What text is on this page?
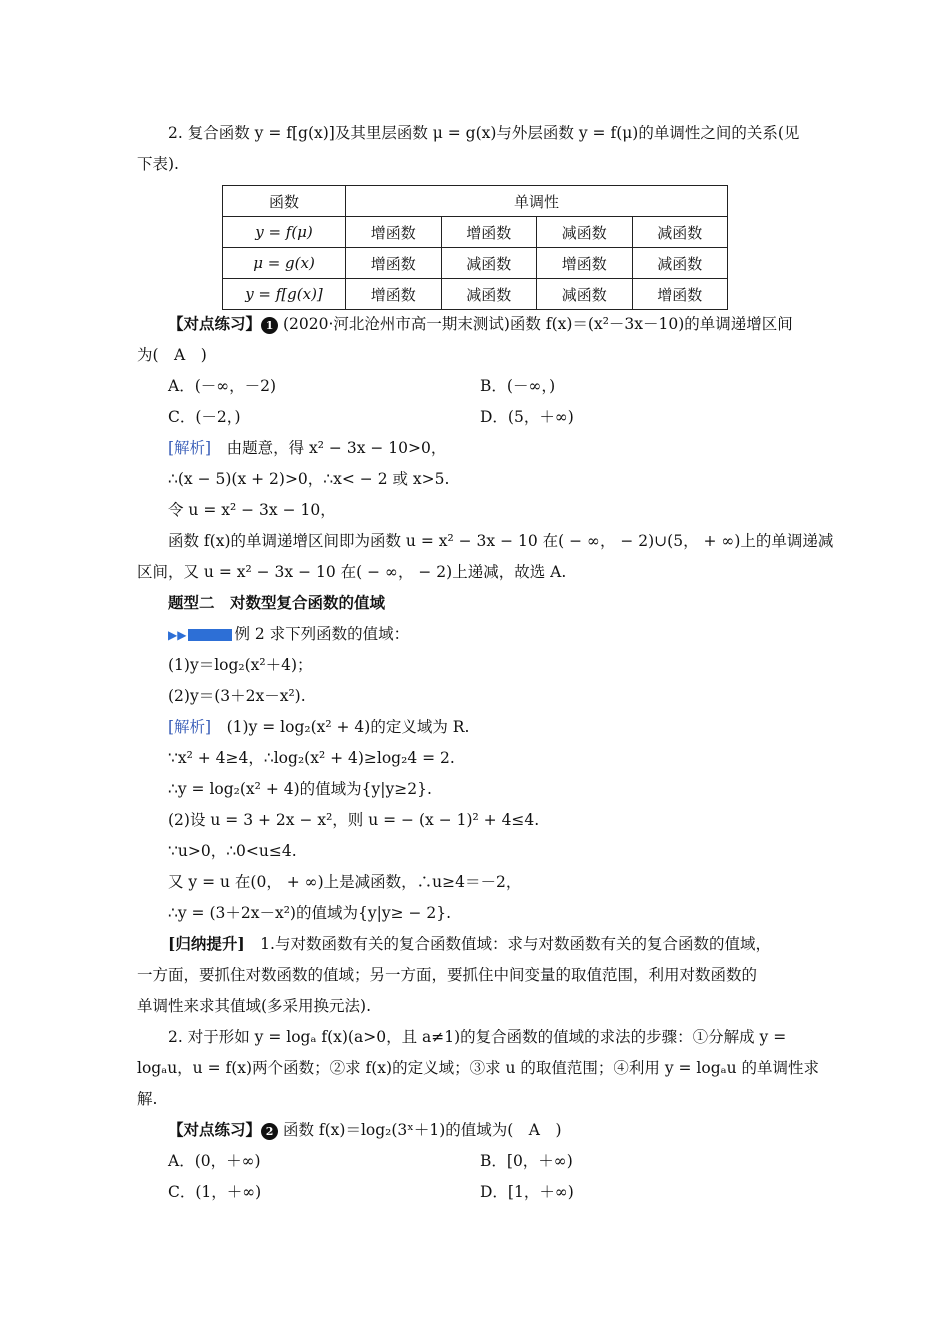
2. 复合函数 y = f[g(x)]及其里层函数 μ = g(x)与外层函数 y = f(μ)的单调性之间的关系(见
下表).
函数	单调性			
y = f(μ)	增函数	增函数	减函数	减函数
μ = g(x)	增函数	减函数	增函数	减函数
y = f[g(x)]	增函数	减函数	减函数	增函数
【对点练习】 1 (2020·河北沧州市高一期末测试)函数 f(x)＝(x²－3x－10)的单调递增区间
为(　A　)
A．(－∞，－2)	B．(－∞，)
C．(－2，)	D．(5，＋∞)
[解析]　由题意，得 x² − 3x − 10>0，
∴(x − 5)(x + 2)>0，∴x< − 2 或 x>5.
令 u = x² − 3x − 10，
函数 f(x)的单调递增区间即为函数 u = x² − 3x − 10 在( − ∞， − 2)∪(5， + ∞)上的单调递减
区间，又 u = x² − 3x − 10 在( − ∞， − 2)上递减，故选 A.
题型二　对数型复合函数的值域
▶▶	例 2 求下列函数的值域：
(1)y＝log₂(x²＋4)；
(2)y＝(3＋2x－x²).
[解析]　(1)y = log₂(x² + 4)的定义域为 R.
∵x² + 4≥4，∴log₂(x² + 4)≥log₂4 = 2.
∴y = log₂(x² + 4)的值域为{y|y≥2}.
(2)设 u = 3 + 2x − x²，则 u = − (x − 1)² + 4≤4.
∵u>0，∴0<u≤4.
又 y = u 在(0， + ∞)上是减函数，∴u≥4＝－2，
∴y = (3＋2x－x²)的值域为{y|y≥ − 2}.
[归纳提升]　1.与对数函数有关的复合函数值域：求与对数函数有关的复合函数的值域，
一方面，要抓住对数函数的值域；另一方面，要抓住中间变量的取值范围，利用对数函数的
单调性来求其值域(多采用换元法).
2. 对于形如 y = logₐ f(x)(a>0，且 a≠1)的复合函数的值域的求法的步骤：①分解成 y =
logₐu，u = f(x)两个函数；②求 f(x)的定义域；③求 u 的取值范围；④利用 y = logₐu 的单调性求
解.
【对点练习】 2 函数 f(x)＝log₂(3ˣ＋1)的值域为(　A　)
A．(0，＋∞)	B．[0，＋∞)
C．(1，＋∞)	D．[1，＋∞)
